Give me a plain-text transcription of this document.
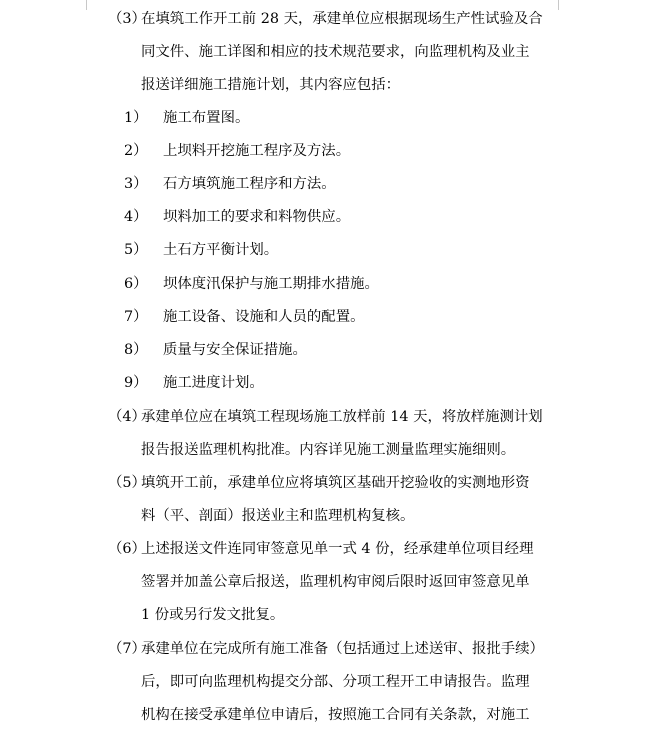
（3）
在填筑工作开工前 28 天，承建单位应根据现场生产性试验及合
同文件、施工详图和相应的技术规范要求，向监理机构及业主
报送详细施工措施计划，其内容应包括：
1） 施工布置图。
2） 上坝料开挖施工程序及方法。
3） 石方填筑施工程序和方法。
4） 坝料加工的要求和料物供应。
5） 土石方平衡计划。
6） 坝体度汛保护与施工期排水措施。
7） 施工设备、设施和人员的配置。
8） 质量与安全保证措施。
9） 施工进度计划。
（4）
承建单位应在填筑工程现场施工放样前 14 天，将放样施测计划
报告报送监理机构批准。内容详见施工测量监理实施细则。
（5）
填筑开工前，承建单位应将填筑区基础开挖验收的实测地形资
料（平、剖面）报送业主和监理机构复核。
（6）
上述报送文件连同审签意见单一式 4 份，经承建单位项目经理
签署并加盖公章后报送，监理机构审阅后限时返回审签意见单
1 份或另行发文批复。
（7）
承建单位在完成所有施工准备（包括通过上述送审、报批手续）
后，即可向监理机构提交分部、分项工程开工申请报告。监理
机构在接受承建单位申请后，按照施工合同有关条款，对施工
